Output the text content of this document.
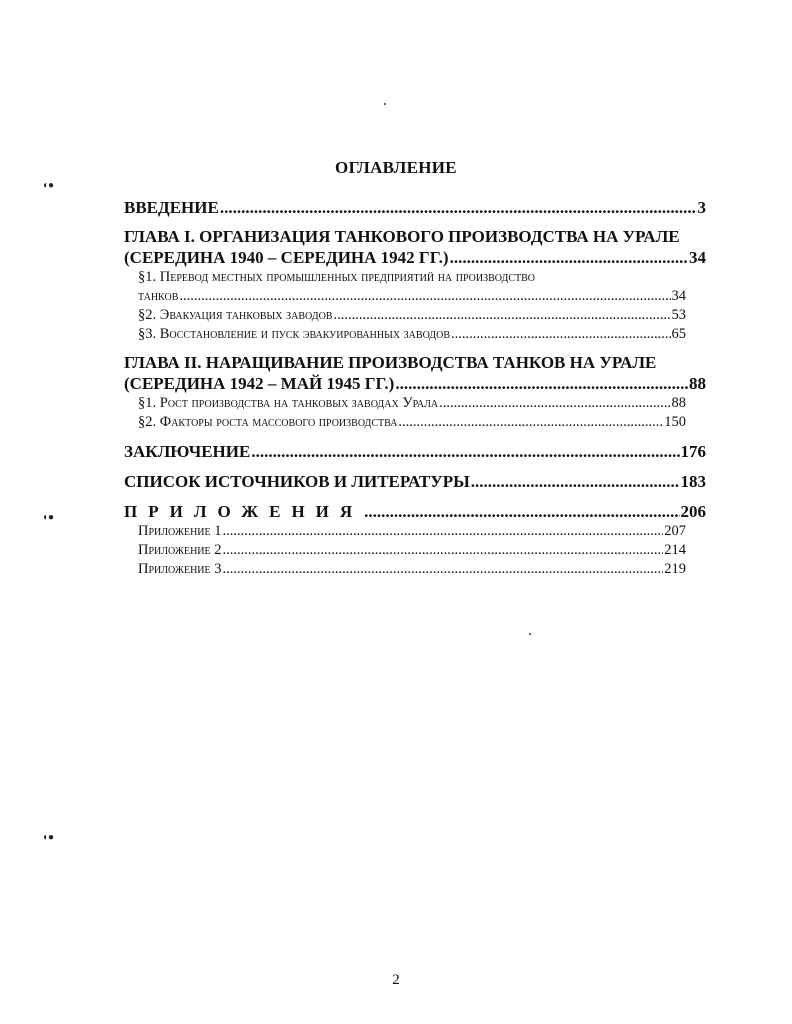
ОГЛАВЛЕНИЕ
ВВЕДЕНИЕ .....	3
ГЛАВА I. ОРГАНИЗАЦИЯ ТАНКОВОГО ПРОИЗВОДСТВА НА УРАЛЕ
(СЕРЕДИНА 1940 – СЕРЕДИНА 1942 ГГ.) .....	34
§1. Перевод местных промышленных предприятий на производство
танков .....	34
§2. Эвакуация танковых заводов .....	53
§3. Восстановление и пуск эвакуированных заводов .....	65
ГЛАВА II. НАРАЩИВАНИЕ ПРОИЗВОДСТВА ТАНКОВ НА УРАЛЕ
(СЕРЕДИНА 1942 – МАЙ 1945 ГГ.) .....	88
§1. Рост производства на танковых заводах Урала .....	88
§2. Факторы роста массового производства .....	150
ЗАКЛЮЧЕНИЕ .....	176
СПИСОК ИСТОЧНИКОВ И ЛИТЕРАТУРЫ .....	183
ПРИЛОЖЕНИЯ .....	206
Приложение 1 .....	207
Приложение 2 .....	214
Приложение 3 .....	219
2
◖●
◖●
◖●
